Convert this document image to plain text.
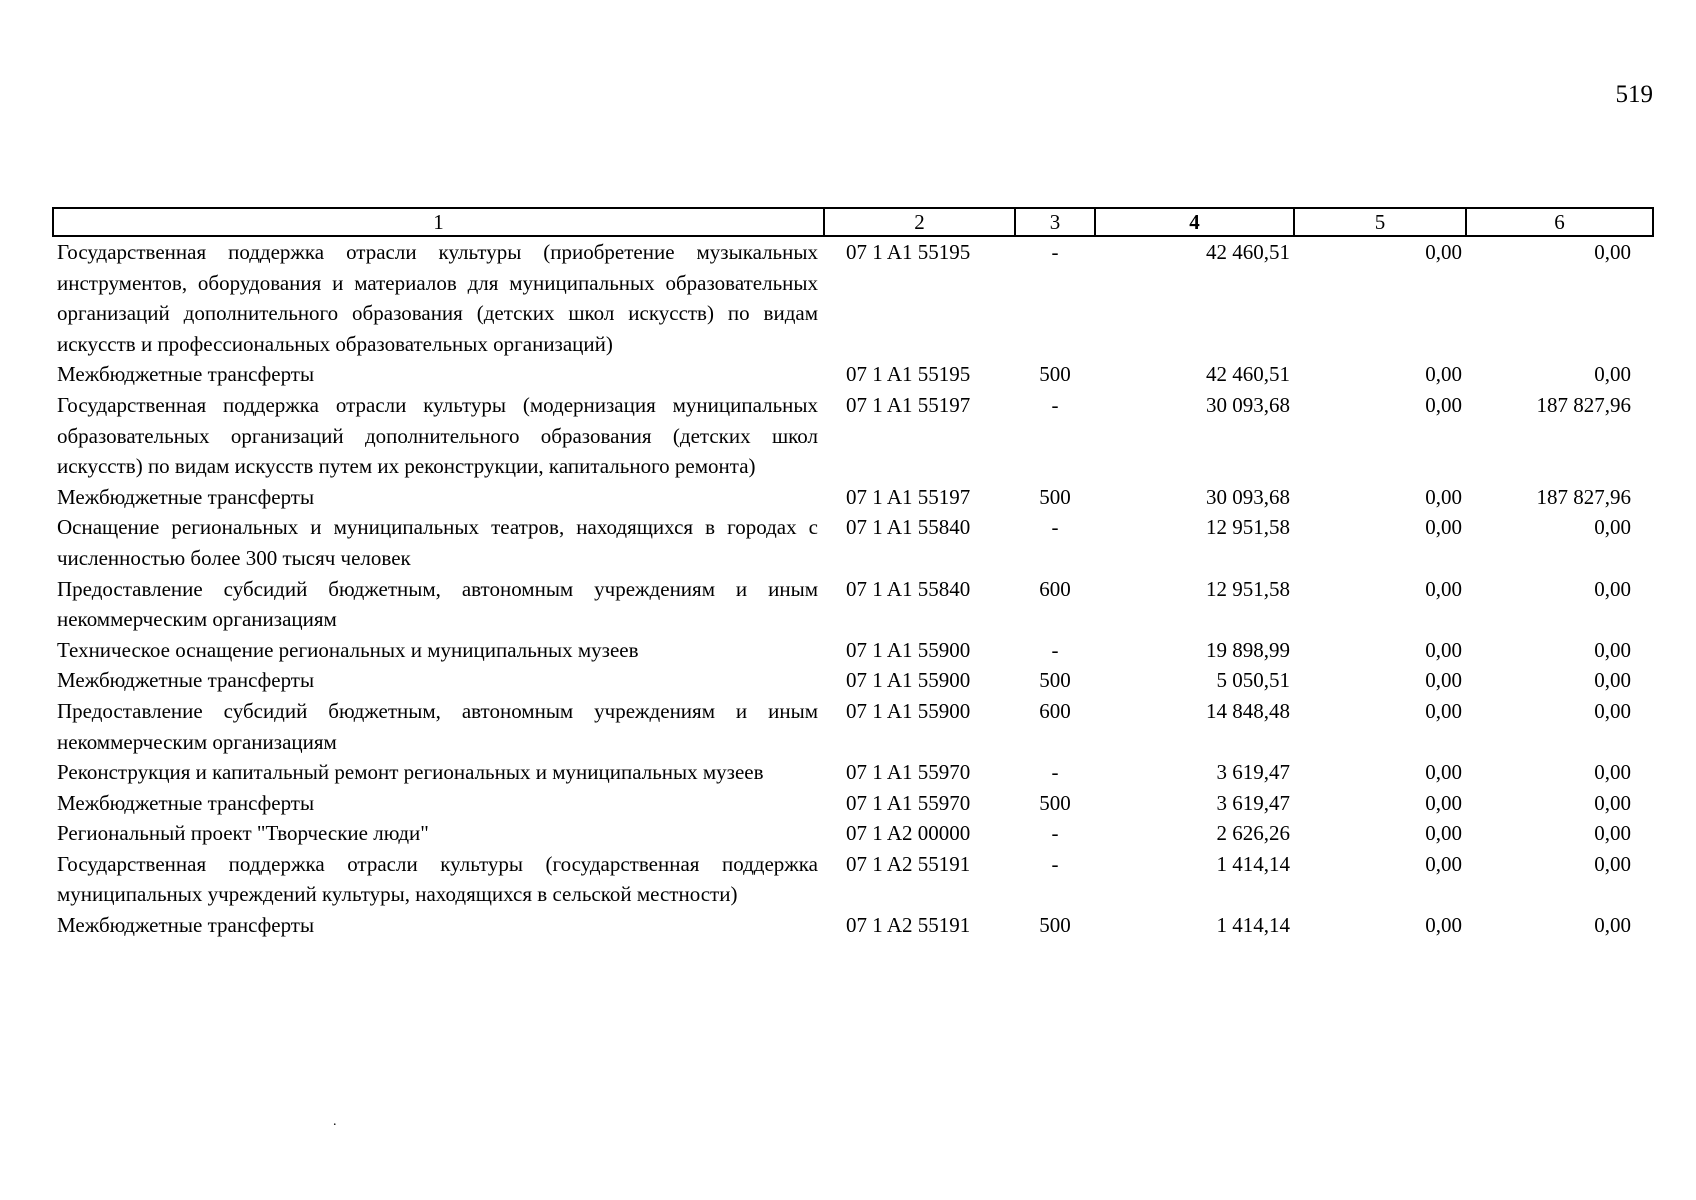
519
1	2	3	4	5	6
Государственная поддержка отрасли культуры (приобретение музыкальных инструментов, оборудования и материалов для муниципальных образовательных организаций дополнительного образования (детских школ искусств) по видам искусств и профессиональных образовательных организаций)	07 1 A1 55195	-	42 460,51	0,00	0,00
Межбюджетные трансферты	07 1 A1 55195	500	42 460,51	0,00	0,00
Государственная поддержка отрасли культуры (модернизация муниципальных образовательных организаций дополнительного образования (детских школ искусств) по видам искусств путем их реконструкции, капитального ремонта)	07 1 A1 55197	-	30 093,68	0,00	187 827,96
Межбюджетные трансферты	07 1 A1 55197	500	30 093,68	0,00	187 827,96
Оснащение региональных и муниципальных театров, находящихся в городах с численностью более 300 тысяч человек	07 1 A1 55840	-	12 951,58	0,00	0,00
Предоставление субсидий бюджетным, автономным учреждениям и иным некоммерческим организациям	07 1 A1 55840	600	12 951,58	0,00	0,00
Техническое оснащение региональных и муниципальных музеев	07 1 A1 55900	-	19 898,99	0,00	0,00
Межбюджетные трансферты	07 1 A1 55900	500	5 050,51	0,00	0,00
Предоставление субсидий бюджетным, автономным учреждениям и иным некоммерческим организациям	07 1 A1 55900	600	14 848,48	0,00	0,00
Реконструкция и капитальный ремонт региональных и муниципальных музеев	07 1 A1 55970	-	3 619,47	0,00	0,00
Межбюджетные трансферты	07 1 A1 55970	500	3 619,47	0,00	0,00
Региональный проект "Творческие люди"	07 1 A2 00000	-	2 626,26	0,00	0,00
Государственная поддержка отрасли культуры (государственная поддержка муниципальных учреждений культуры, находящихся в сельской местности)	07 1 A2 55191	-	1 414,14	0,00	0,00
Межбюджетные трансферты	07 1 A2 55191	500	1 414,14	0,00	0,00
.
